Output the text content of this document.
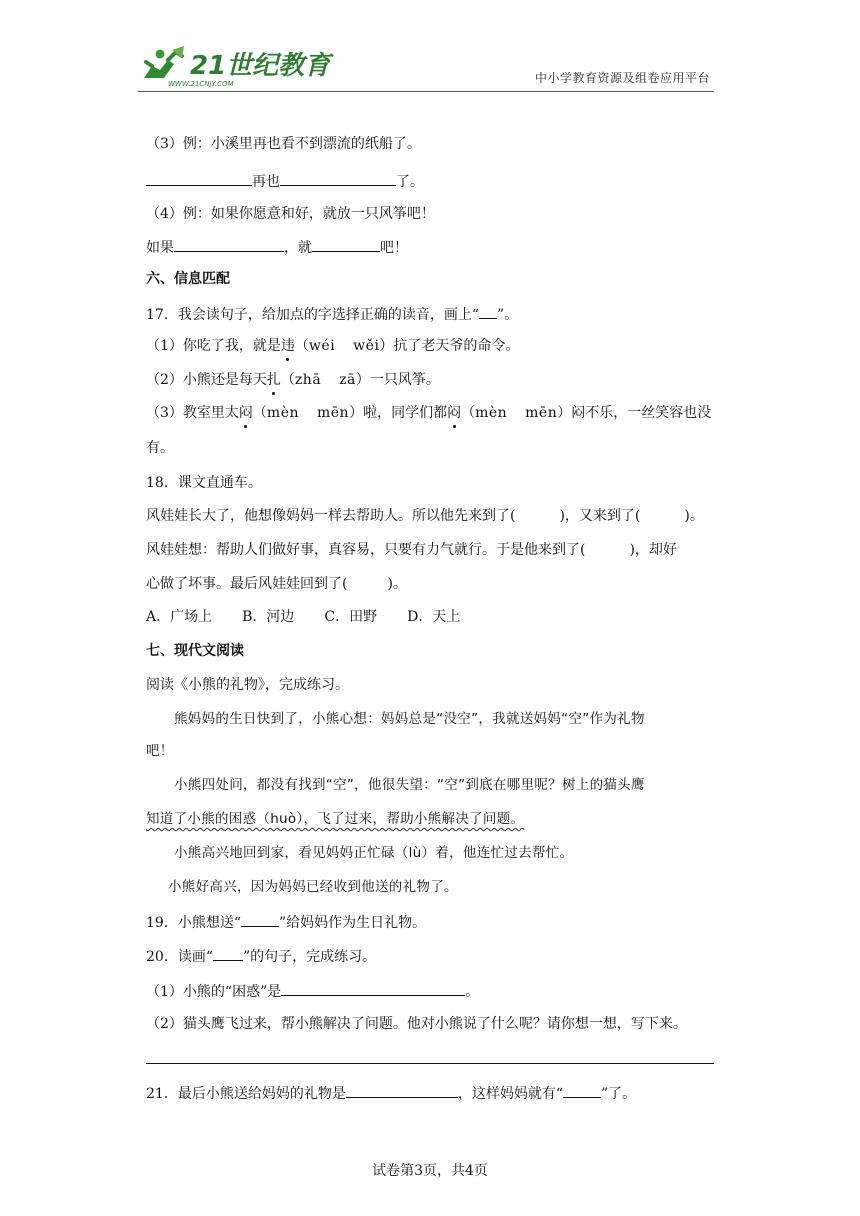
21世纪教育
WWW.21CNJY.COM	中小学教育资源及组卷应用平台
（3）例：小溪里再也看不到漂流的纸船了。
再也	了。
（4）例：如果你愿意和好，就放一只风筝吧！
如果	，就	吧！
六、信息匹配
17．我会读句子，给加点的字选择正确的读音，画上“ ”。
（1）你吃了我，就是违（wéi wěi）抗了老天爷的命令。
（2）小熊还是每天扎（zhā zā）一只风筝。
（3）教室里太闷（mèn mēn）啦，同学们都闷（mèn mēn）闷不乐，一丝笑容也没
有。
18．课文直通车。
风娃娃长大了，他想像妈妈一样去帮助人。所以他先来到了(	)，又来到了(	)。
风娃娃想：帮助人们做好事，真容易，只要有力气就行。于是他来到了(	)，却好
心做了坏事。最后风娃娃回到了(	)。
A．广场上 B．河边 C．田野 D．天上
七、现代文阅读
阅读《小熊的礼物》，完成练习。
熊妈妈的生日快到了，小熊心想：妈妈总是“没空”，我就送妈妈“空”作为礼物
吧！
小熊四处问，都没有找到“空”，他很失望：“空”到底在哪里呢？树上的猫头鹰
知道了小熊的困惑（huò），飞了过来，帮助小熊解决了问题。
小熊高兴地回到家，看见妈妈正忙碌（lù）着，他连忙过去帮忙。
小熊好高兴，因为妈妈已经收到他送的礼物了。
19．小熊想送“	”给妈妈作为生日礼物。
20．读画“ ”的句子，完成练习。
（1）小熊的“困惑”是	。
（2）猫头鹰飞过来，帮小熊解决了问题。他对小熊说了什么呢？请你想一想，写下来。
21．最后小熊送给妈妈的礼物是	，这样妈妈就有“	”了。
试卷第3页，共4页
